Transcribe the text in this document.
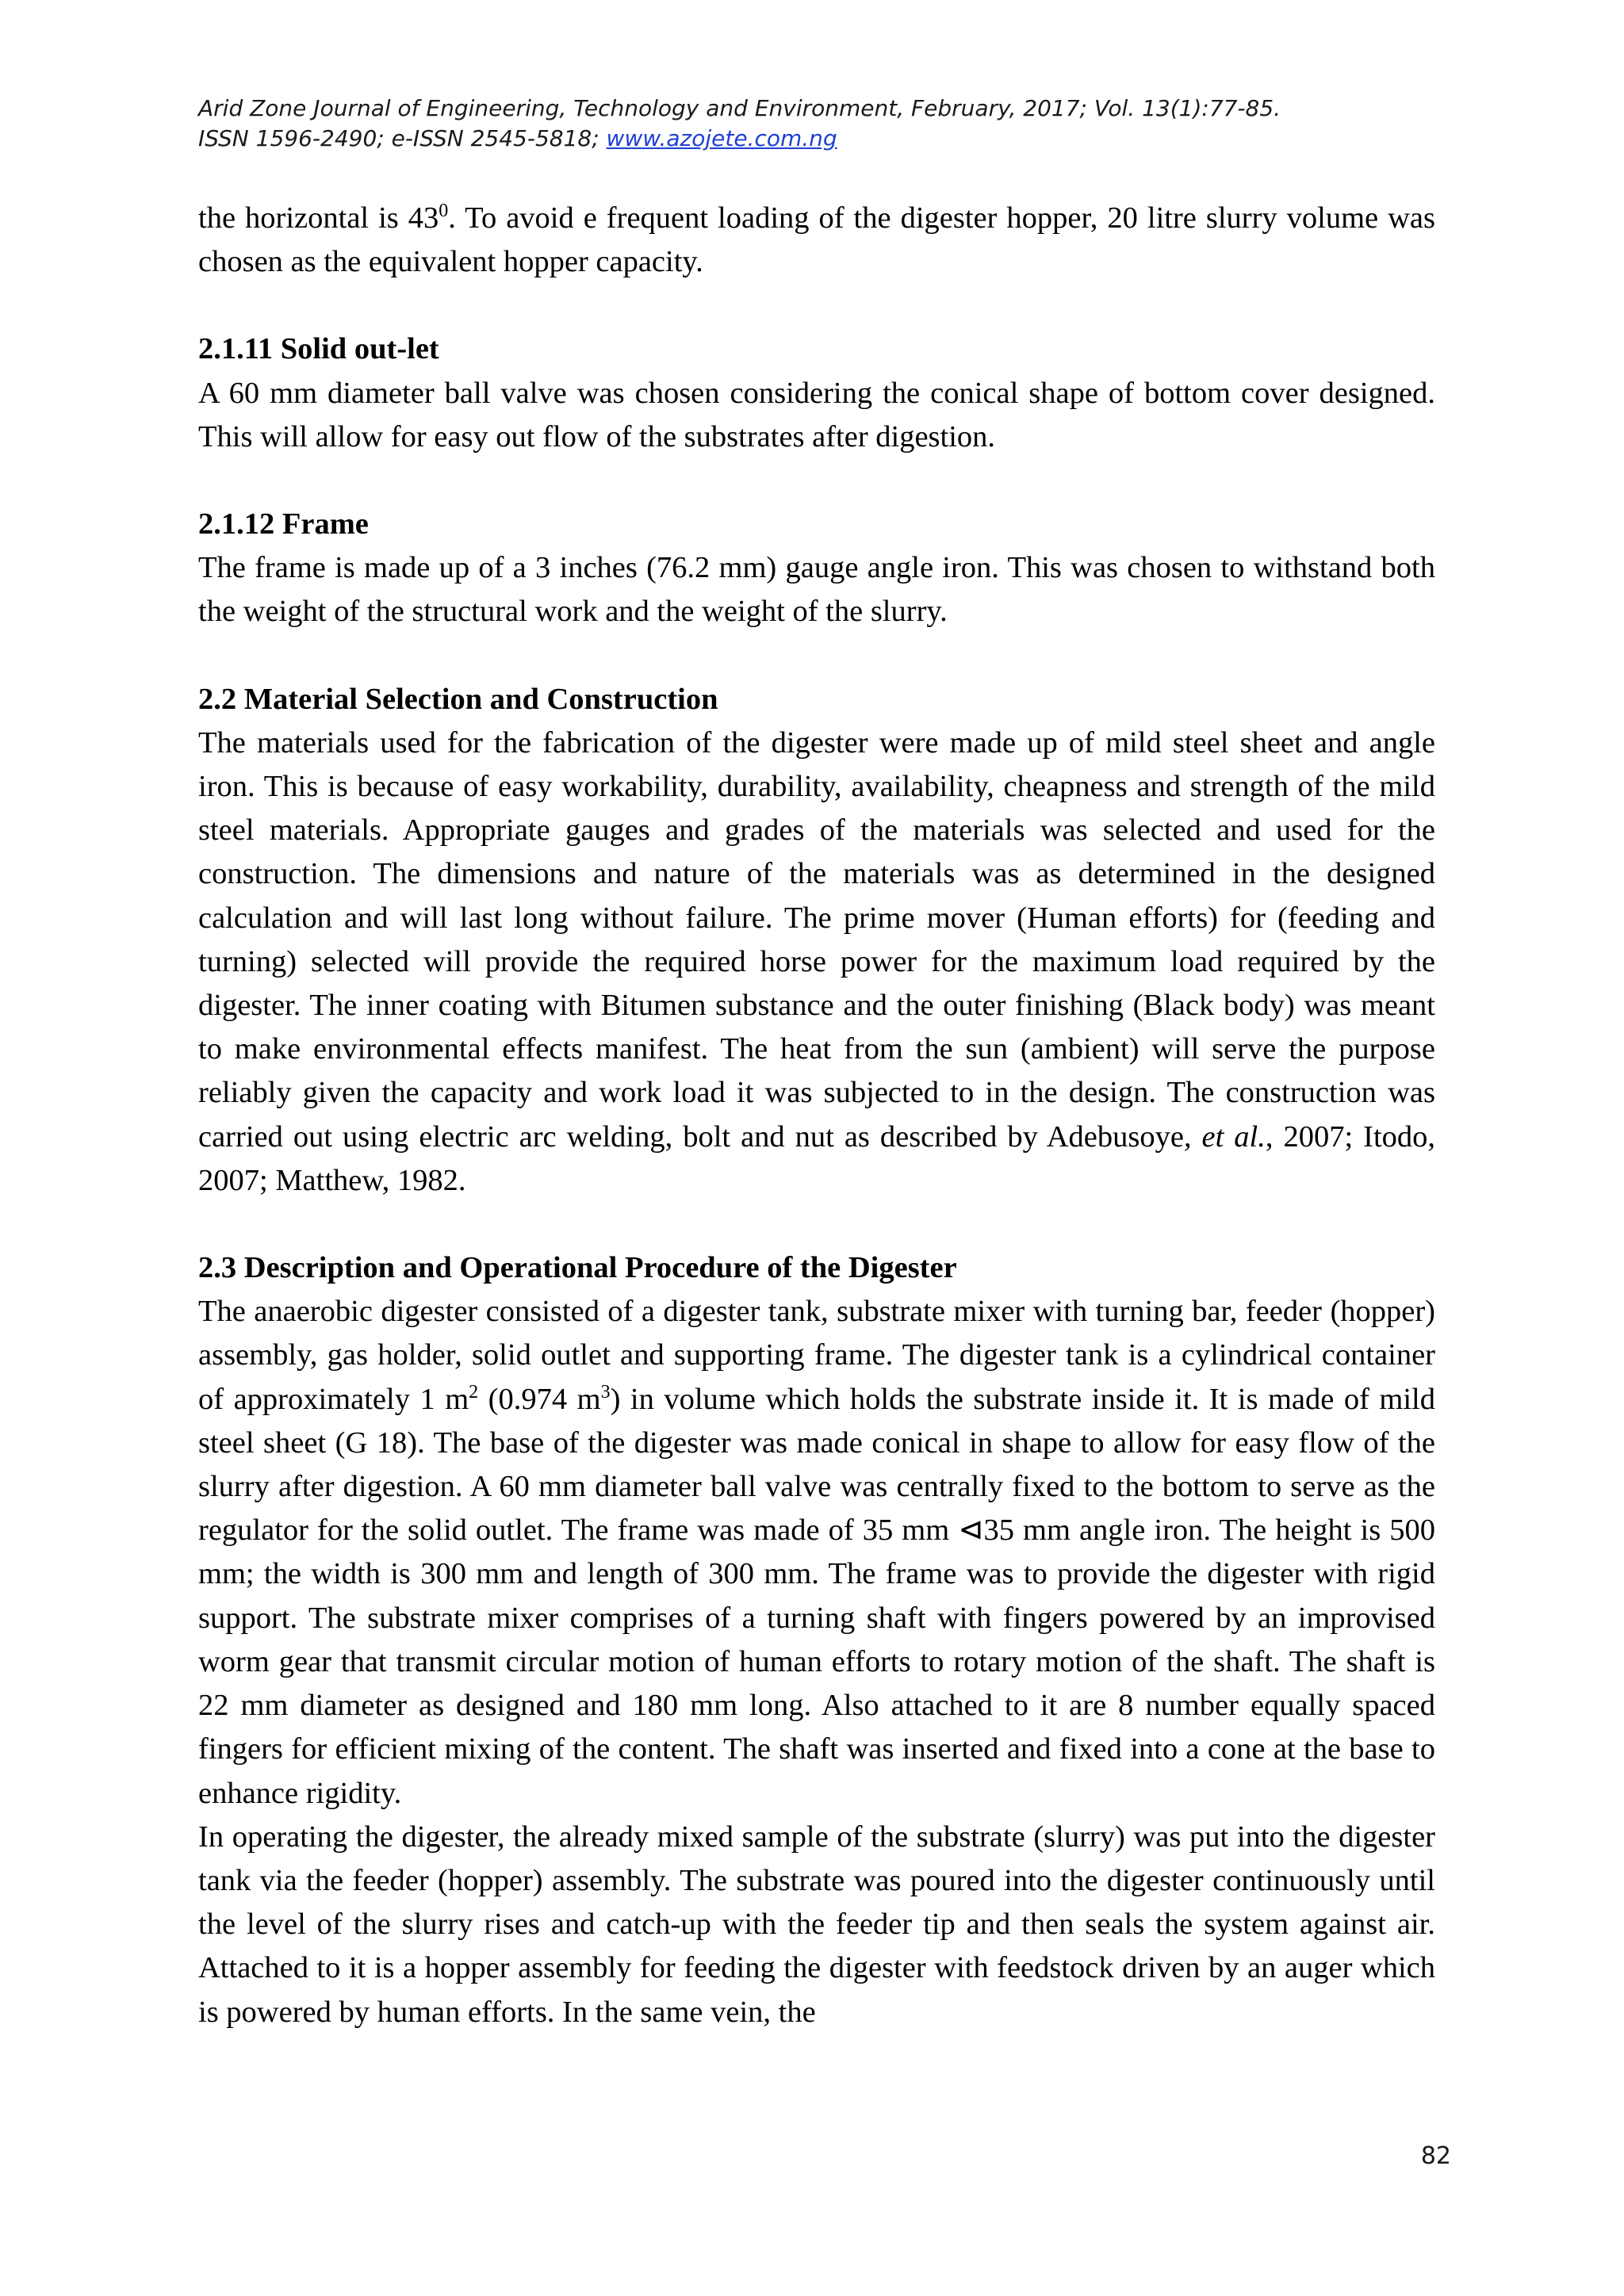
Arid Zone Journal of Engineering, Technology and Environment, February, 2017; Vol. 13(1):77-85.
ISSN 1596-2490; e-ISSN 2545-5818; www.azojete.com.ng

the horizontal is $43^0$. To avoid e frequent loading of the digester hopper, 20 litre slurry volume was chosen as the equivalent hopper capacity.

2.1.11 Solid out-let

A 60 mm diameter ball valve was chosen considering the conical shape of bottom cover designed. This will allow for easy out flow of the substrates after digestion.

2.1.12 Frame

The frame is made up of a 3 inches (76.2 mm) gauge angle iron. This was chosen to withstand both the weight of the structural work and the weight of the slurry.

2.2 Material Selection and Construction

The materials used for the fabrication of the digester were made up of mild steel sheet and angle iron. This is because of easy workability, durability, availability, cheapness and strength of the mild steel materials. Appropriate gauges and grades of the materials was selected and used for the construction. The dimensions and nature of the materials was as determined in the designed calculation and will last long without failure. The prime mover (Human efforts) for (feeding and turning) selected will provide the required horse power for the maximum load required by the digester. The inner coating with Bitumen substance and the outer finishing (Black body) was meant to make environmental effects manifest. The heat from the sun (ambient) will serve the purpose reliably given the capacity and work load it was subjected to in the design. The construction was carried out using electric arc welding, bolt and nut as described by Adebusoye, et al., 2007; Itodo, 2007; Matthew, 1982.

2.3 Description and Operational Procedure of the Digester

The anaerobic digester consisted of a digester tank, substrate mixer with turning bar, feeder (hopper) assembly, gas holder, solid outlet and supporting frame. The digester tank is a cylindrical container of approximately 1 $m^2$ (0.974 $m^3$) in volume which holds the substrate inside it. It is made of mild steel sheet (G 18). The base of the digester was made conical in shape to allow for easy flow of the slurry after digestion. A 60 mm diameter ball valve was centrally fixed to the bottom to serve as the regulator for the solid outlet. The frame was made of 35 mm ⊲35 mm angle iron. The height is 500 mm; the width is 300 mm and length of 300 mm. The frame was to provide the digester with rigid support. The substrate mixer comprises of a turning shaft with fingers powered by an improvised worm gear that transmit circular motion of human efforts to rotary motion of the shaft. The shaft is 22 mm diameter as designed and 180 mm long. Also attached to it are 8 number equally spaced fingers for efficient mixing of the content. The shaft was inserted and fixed into a cone at the base to enhance rigidity.

In operating the digester, the already mixed sample of the substrate (slurry) was put into the digester tank via the feeder (hopper) assembly. The substrate was poured into the digester continuously until the level of the slurry rises and catch-up with the feeder tip and then seals the system against air. Attached to it is a hopper assembly for feeding the digester with feedstock driven by an auger which is powered by human efforts. In the same vein, the

82
